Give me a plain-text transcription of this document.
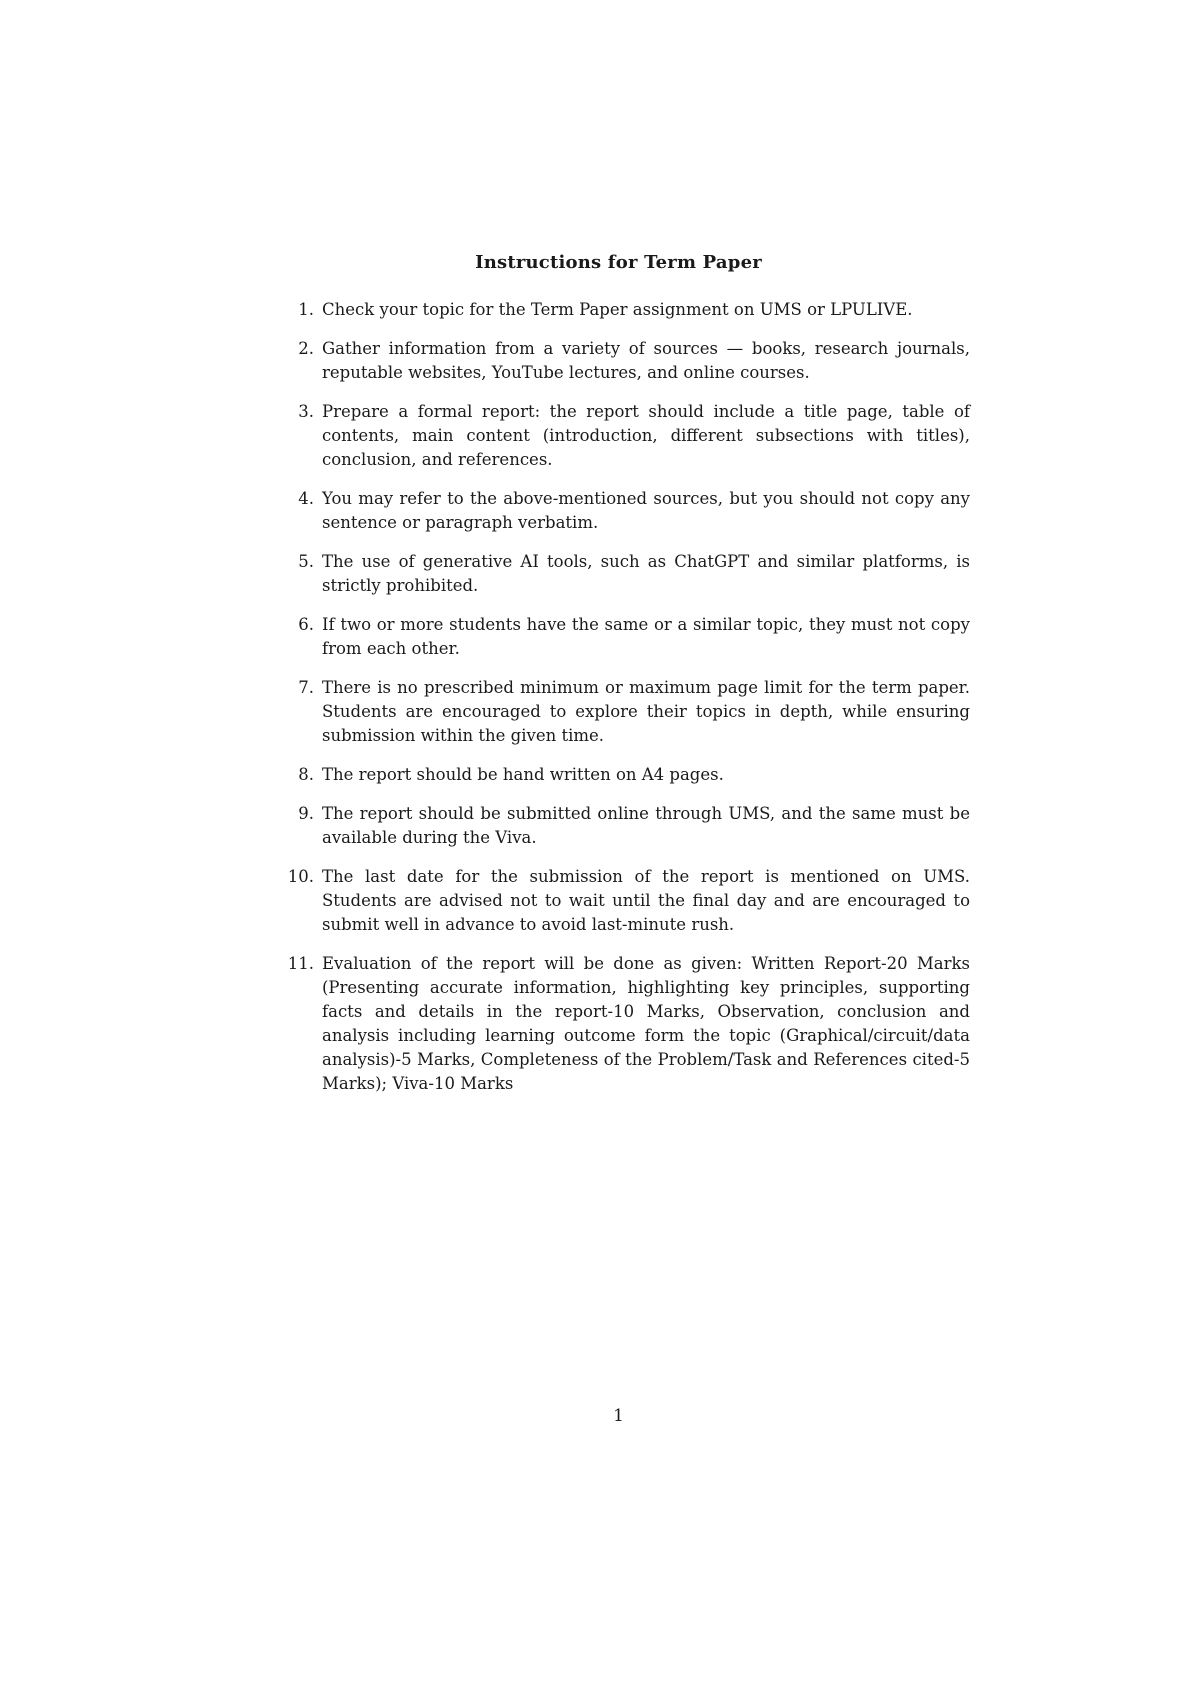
Instructions for Term Paper
1. Check your topic for the Term Paper assignment on UMS or LPULIVE.
2. Gather information from a variety of sources — books, research journals, reputable websites, YouTube lectures, and online courses.
3. Prepare a formal report: the report should include a title page, table of contents, main content (introduction, different subsections with titles), conclusion, and references.
4. You may refer to the above-mentioned sources, but you should not copy any sentence or paragraph verbatim.
5. The use of generative AI tools, such as ChatGPT and similar platforms, is strictly prohibited.
6. If two or more students have the same or a similar topic, they must not copy from each other.
7. There is no prescribed minimum or maximum page limit for the term paper. Students are encouraged to explore their topics in depth, while ensuring submission within the given time.
8. The report should be hand written on A4 pages.
9. The report should be submitted online through UMS, and the same must be available during the Viva.
10. The last date for the submission of the report is mentioned on UMS. Students are advised not to wait until the final day and are encouraged to submit well in advance to avoid last-minute rush.
11. Evaluation of the report will be done as given: Written Report-20 Marks (Presenting accurate information, highlighting key principles, supporting facts and details in the report-10 Marks, Observation, conclusion and analysis including learning outcome form the topic (Graphical/circuit/data analysis)-5 Marks, Completeness of the Problem/Task and References cited-5 Marks); Viva-10 Marks
1
